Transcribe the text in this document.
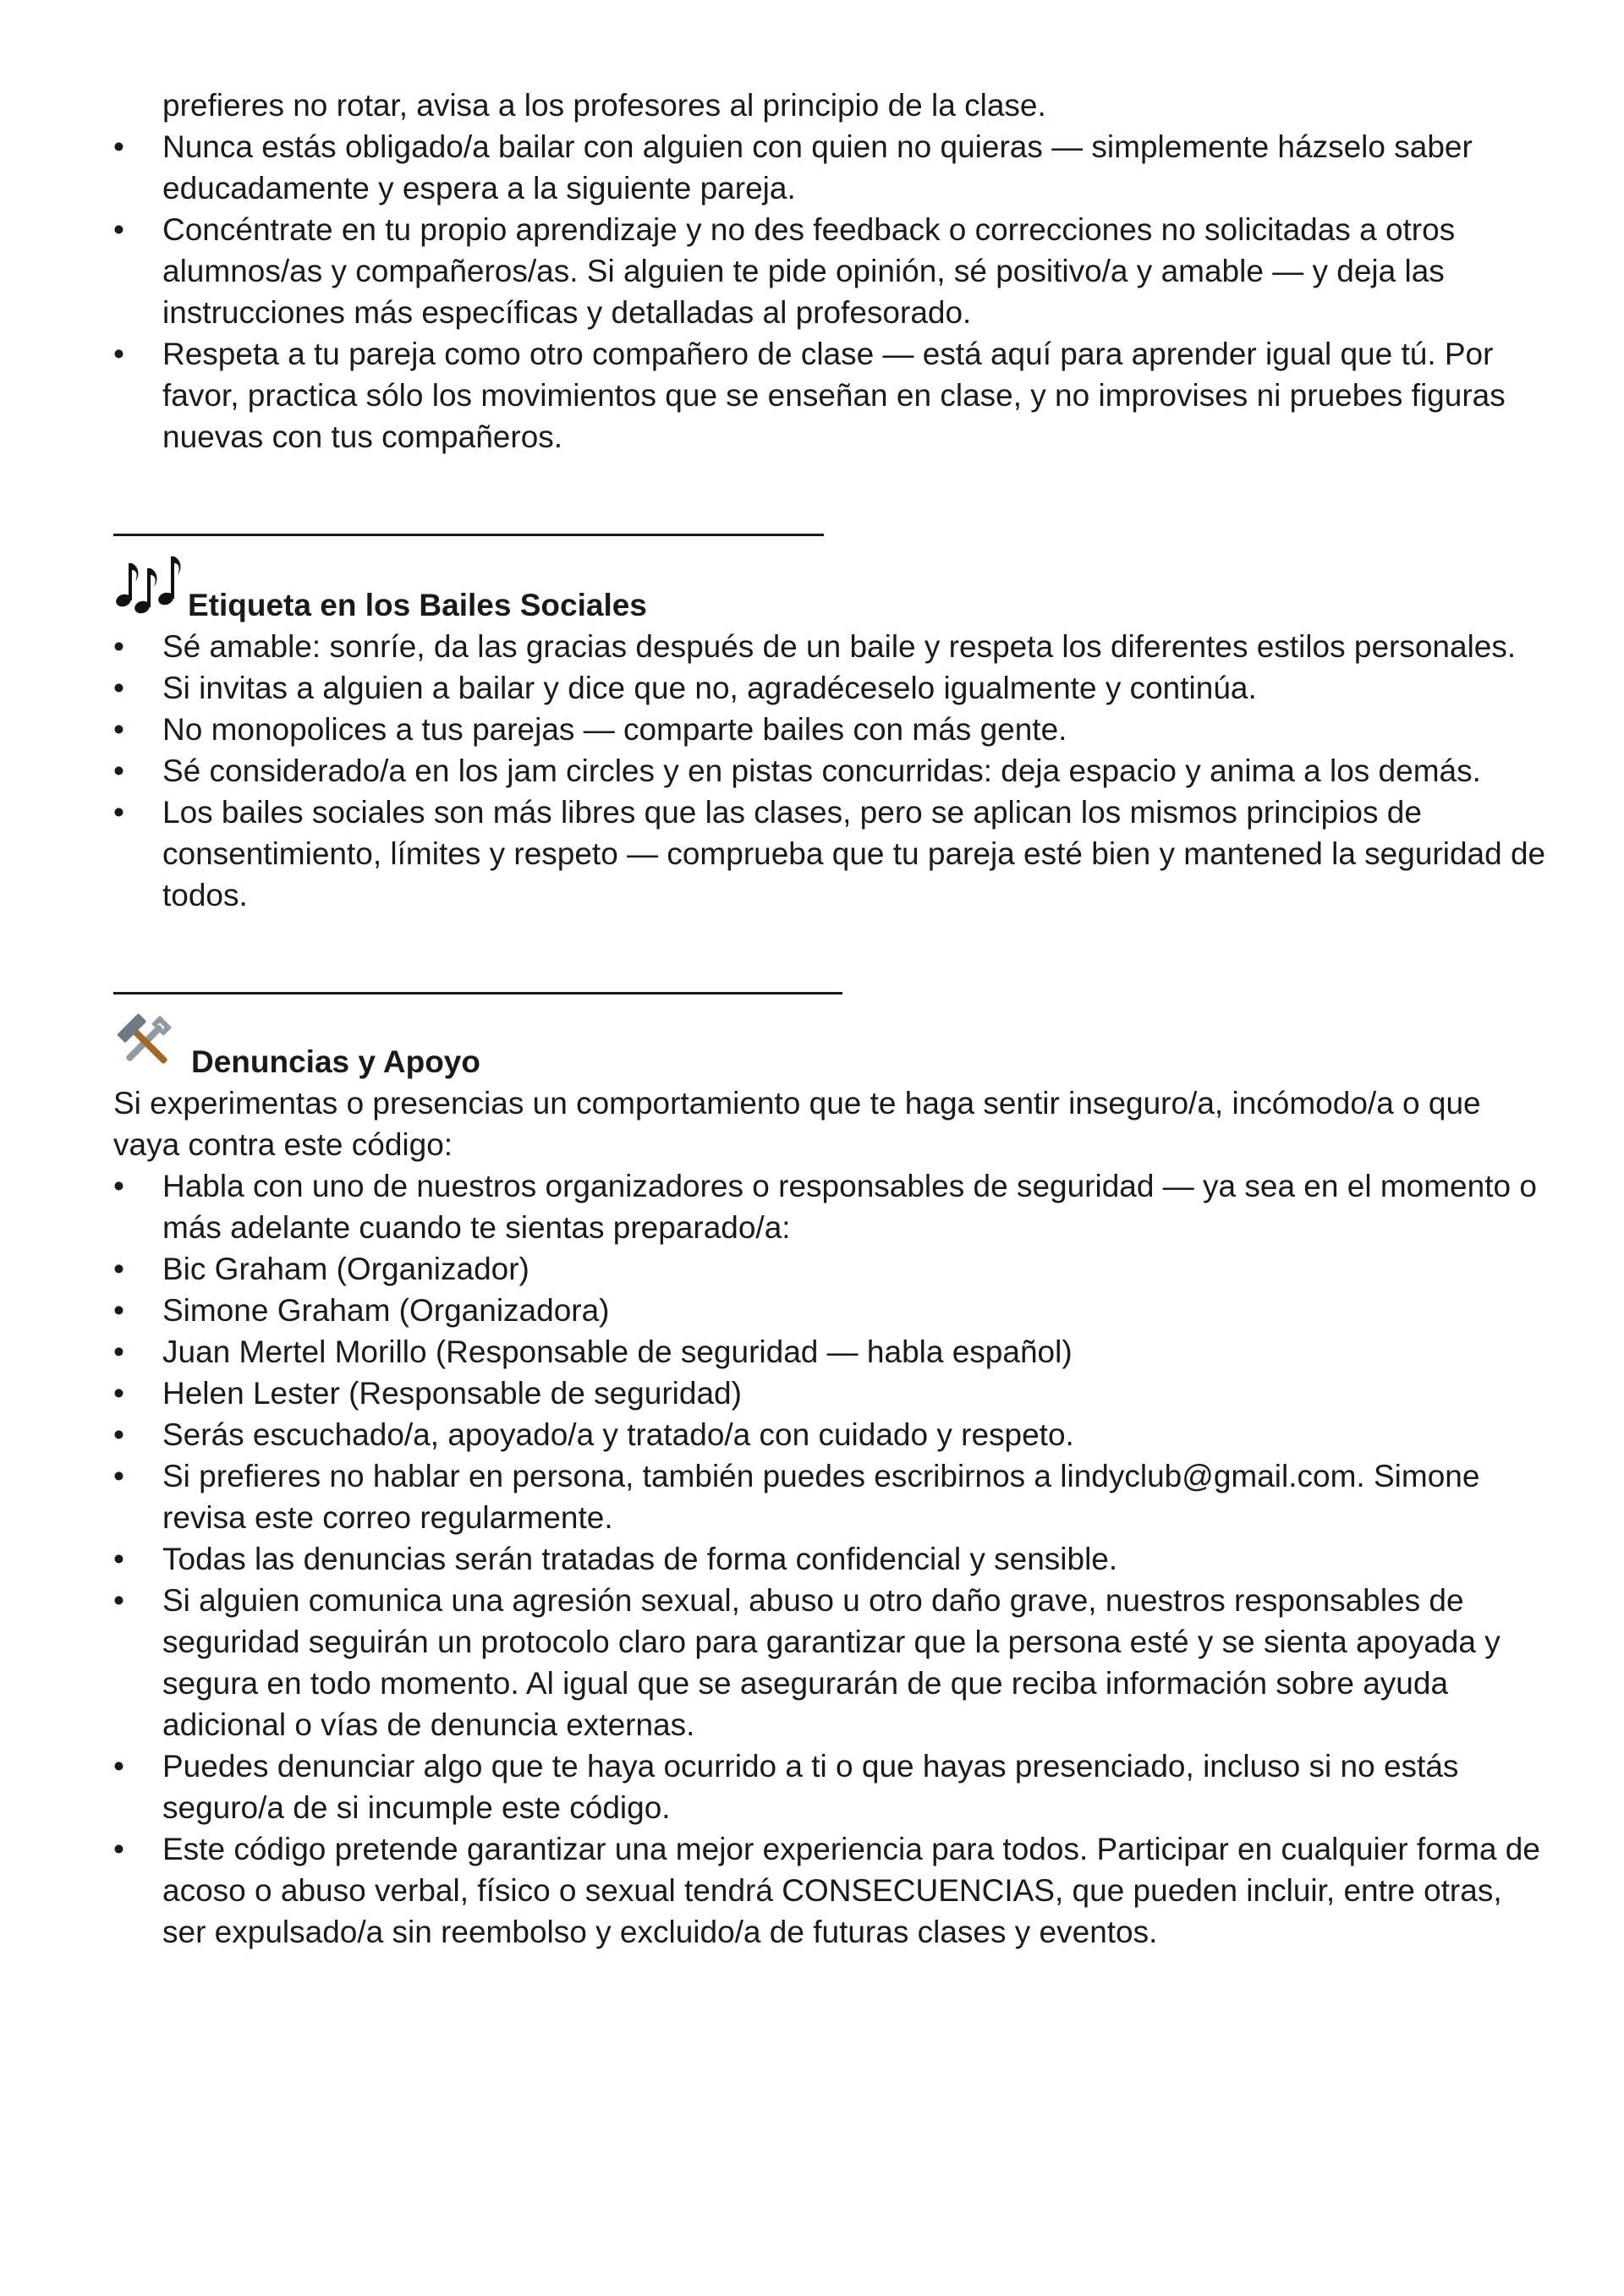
prefieres no rotar, avisa a los profesores al principio de la clase.
•	Nunca estás obligado/a bailar con alguien con quien no quieras — simplemente házselo saber educadamente y espera a la siguiente pareja.
•	Concéntrate en tu propio aprendizaje y no des feedback o correcciones no solicitadas a otros alumnos/as y compañeros/as. Si alguien te pide opinión, sé positivo/a y amable — y deja las instrucciones más específicas y detalladas al profesorado.
•	Respeta a tu pareja como otro compañero de clase — está aquí para aprender igual que tú. Por favor, practica sólo los movimientos que se enseñan en clase, y no improvises ni pruebes figuras nuevas con tus compañeros.
Etiqueta en los Bailes Sociales
•	Sé amable: sonríe, da las gracias después de un baile y respeta los diferentes estilos personales.
•	Si invitas a alguien a bailar y dice que no, agradéceselo igualmente y continúa.
•	No monopolices a tus parejas — comparte bailes con más gente.
•	Sé considerado/a en los jam circles y en pistas concurridas: deja espacio y anima a los demás.
•	Los bailes sociales son más libres que las clases, pero se aplican los mismos principios de consentimiento, límites y respeto — comprueba que tu pareja esté bien y mantened la seguridad de todos.
Denuncias y Apoyo
Si experimentas o presencias un comportamiento que te haga sentir inseguro/a, incómodo/a o que vaya contra este código:
•	Habla con uno de nuestros organizadores o responsables de seguridad — ya sea en el momento o más adelante cuando te sientas preparado/a:
•	Bic Graham (Organizador)
•	Simone Graham (Organizadora)
•	Juan Mertel Morillo (Responsable de seguridad — habla español)
•	Helen Lester (Responsable de seguridad)
•	Serás escuchado/a, apoyado/a y tratado/a con cuidado y respeto.
•	Si prefieres no hablar en persona, también puedes escribirnos a lindyclub@gmail.com. Simone revisa este correo regularmente.
•	Todas las denuncias serán tratadas de forma confidencial y sensible.
•	Si alguien comunica una agresión sexual, abuso u otro daño grave, nuestros responsables de seguridad seguirán un protocolo claro para garantizar que la persona esté y se sienta apoyada y segura en todo momento. Al igual que se asegurarán de que reciba información sobre ayuda adicional o vías de denuncia externas.
•	Puedes denunciar algo que te haya ocurrido a ti o que hayas presenciado, incluso si no estás seguro/a de si incumple este código.
•	Este código pretende garantizar una mejor experiencia para todos. Participar en cualquier forma de acoso o abuso verbal, físico o sexual tendrá CONSECUENCIAS, que pueden incluir, entre otras, ser expulsado/a sin reembolso y excluido/a de futuras clases y eventos.
